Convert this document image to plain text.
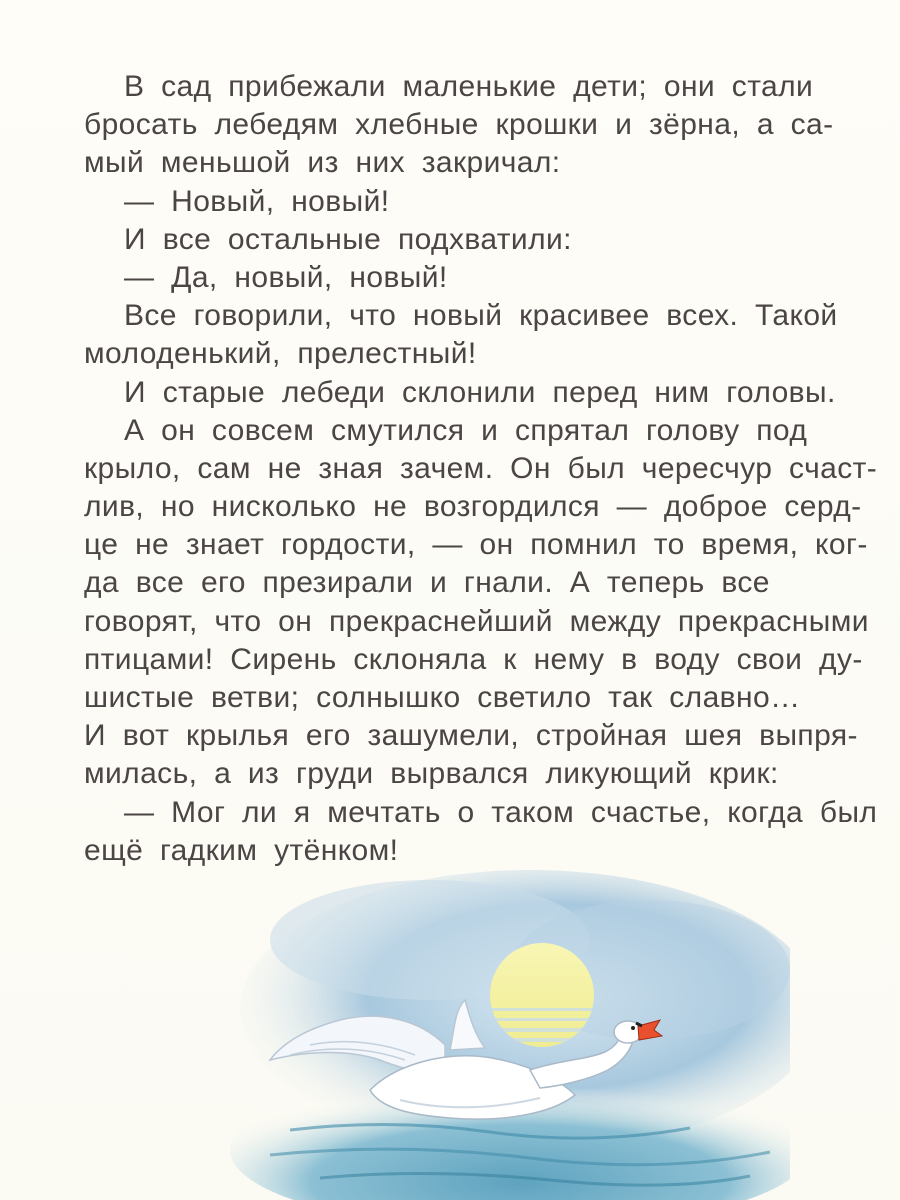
В сад прибежали маленькие дети; они стали
бросать лебедям хлебные крошки и зёрна, а са-
мый меньшой из них закричал:
— Новый, новый!
И все остальные подхватили:
— Да, новый, новый!
Все говорили, что новый красивее всех. Такой
молоденький, прелестный!
И старые лебеди склонили перед ним головы.
А он совсем смутился и спрятал голову под
крыло, сам не зная зачем. Он был чересчур счаст-
лив, но нисколько не возгордился — доброе серд-
це не знает гордости, — он помнил то время, ког-
да все его презирали и гнали. А теперь все
говорят, что он прекраснейший между прекрасными
птицами! Сирень склоняла к нему в воду свои ду-
шистые ветви; солнышко светило так славно…
И вот крылья его зашумели, стройная шея выпря-
милась, а из груди вырвался ликующий крик:
— Мог ли я мечтать о таком счастье, когда был
ещё гадким утёнком!
